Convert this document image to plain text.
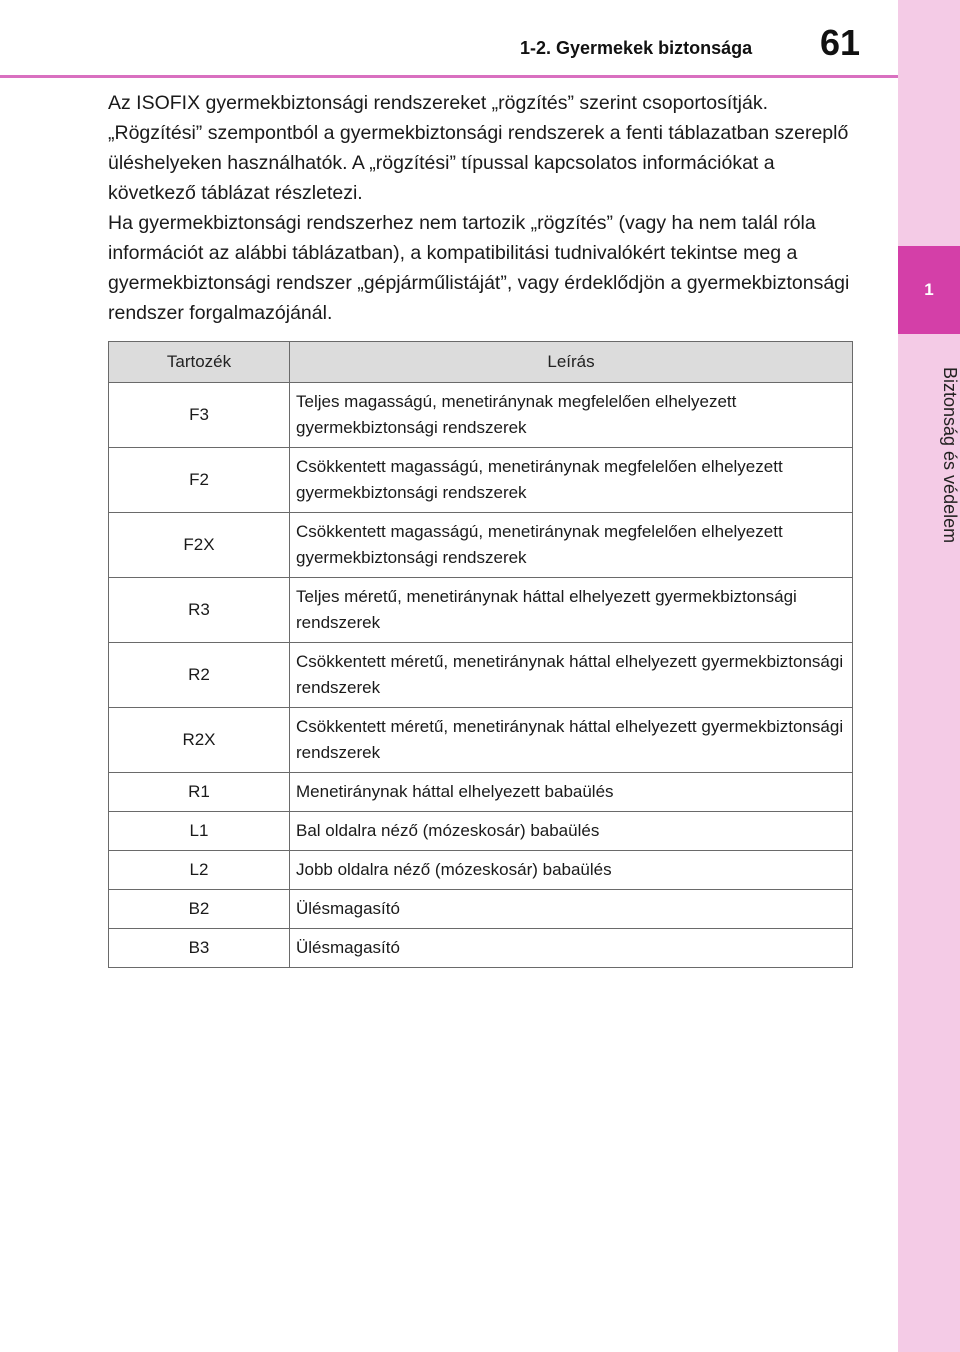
1
Biztonság és védelem
1-2. Gyermekek biztonsága 61

Az ISOFIX gyermekbiztonsági rendszereket „rögzítés” szerint csoportosítják. „Rögzítési” szempontból a gyermekbiztonsági rendszerek a fenti táblazatban szereplő üléshelyeken használhatók. A „rögzítési” típussal kapcsolatos információkat a következő táblázat részletezi.

Ha gyermekbiztonsági rendszerhez nem tartozik „rögzítés” (vagy ha nem talál róla információt az alábbi táblázatban), a kompatibilitási tudnivalókért tekintse meg a gyermekbiztonsági rendszer „gépjárműlistáját”, vagy érdeklődjön a gyermekbiztonsági rendszer forgalmazójánál.

Tartozék	Leírás
F3	Teljes magasságú, menetiránynak megfelelően elhelyezett gyermekbiztonsági rendszerek
F2	Csökkentett magasságú, menetiránynak megfelelően elhelyezett gyermekbiztonsági rendszerek
F2X	Csökkentett magasságú, menetiránynak megfelelően elhelyezett gyermekbiztonsági rendszerek
R3	Teljes méretű, menetiránynak háttal elhelyezett gyermekbiztonsági rendszerek
R2	Csökkentett méretű, menetiránynak háttal elhelyezett gyermekbiztonsági rendszerek
R2X	Csökkentett méretű, menetiránynak háttal elhelyezett gyermekbiztonsági rendszerek
R1	Menetiránynak háttal elhelyezett babaülés
L1	Bal oldalra néző (mózeskosár) babaülés
L2	Jobb oldalra néző (mózeskosár) babaülés
B2	Ülésmagasító
B3	Ülésmagasító
